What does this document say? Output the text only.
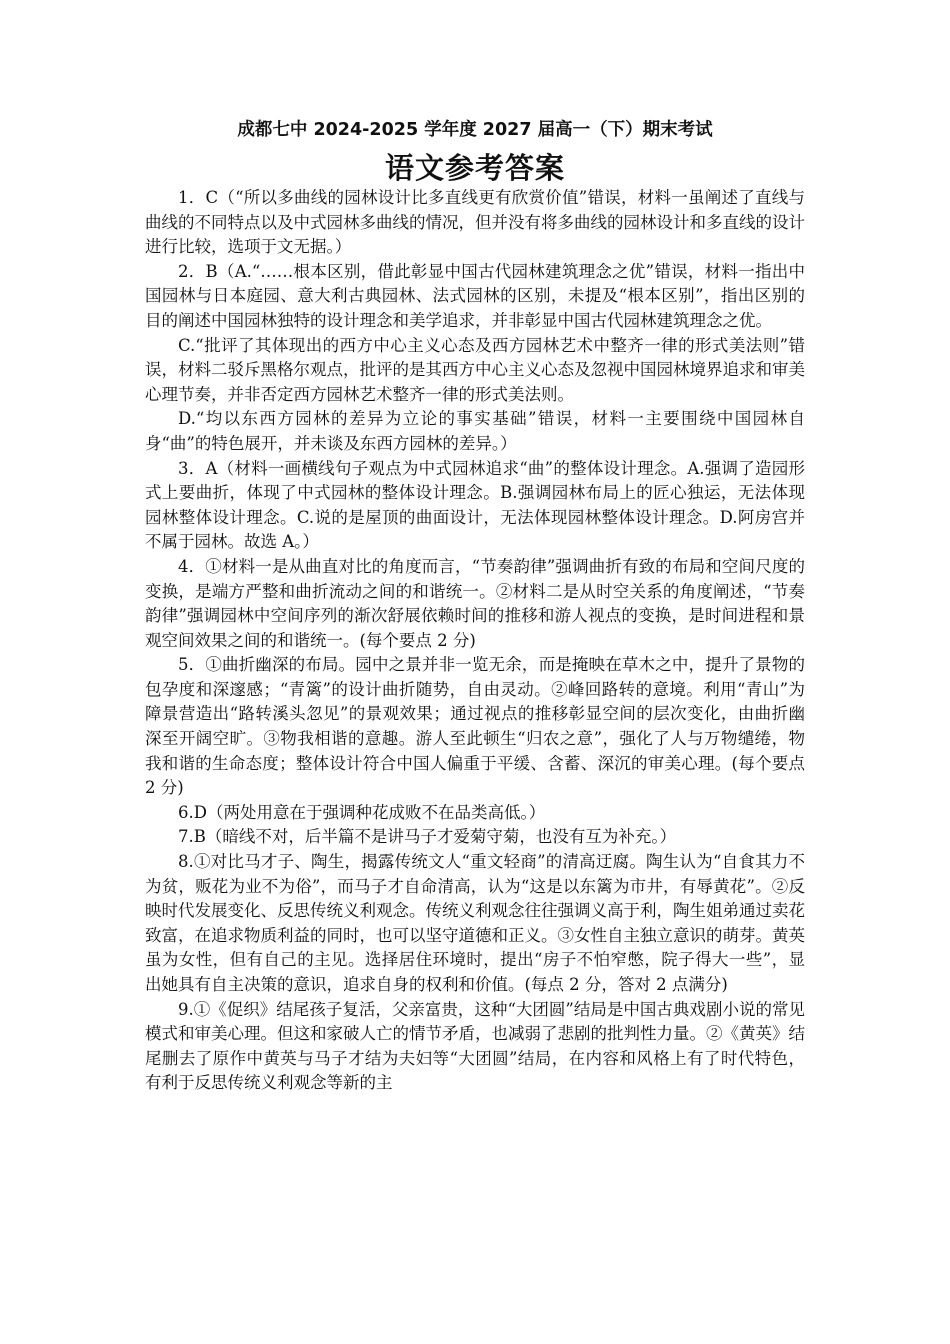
成都七中 2024-2025 学年度 2027 届高一（下）期末考试
语文参考答案

1．C（“所以多曲线的园林设计比多直线更有欣赏价值”错误，材料一虽阐述了直线与曲线的不同特点以及中式园林多曲线的情况，但并没有将多曲线的园林设计和多直线的设计进行比较，选项于文无据。）

2．B（A.“……根本区别，借此彰显中国古代园林建筑理念之优”错误，材料一指出中国园林与日本庭园、意大利古典园林、法式园林的区别，未提及“根本区别”，指出区别的目的阐述中国园林独特的设计理念和美学追求，并非彰显中国古代园林建筑理念之优。

C.“批评了其体现出的西方中心主义心态及西方园林艺术中整齐一律的形式美法则”错误，材料二驳斥黑格尔观点，批评的是其西方中心主义心态及忽视中国园林境界追求和审美心理节奏，并非否定西方园林艺术整齐一律的形式美法则。

D.“均以东西方园林的差异为立论的事实基础”错误，材料一主要围绕中国园林自身“曲”的特色展开，并未谈及东西方园林的差异。）

3．A（材料一画横线句子观点为中式园林追求“曲”的整体设计理念。A.强调了造园形式上要曲折，体现了中式园林的整体设计理念。B.强调园林布局上的匠心独运，无法体现园林整体设计理念。C.说的是屋顶的曲面设计，无法体现园林整体设计理念。D.阿房宫并不属于园林。故选 A。）

4．①材料一是从曲直对比的角度而言，“节奏韵律”强调曲折有致的布局和空间尺度的变换，是端方严整和曲折流动之间的和谐统一。②材料二是从时空关系的角度阐述，“节奏韵律”强调园林中空间序列的渐次舒展依赖时间的推移和游人视点的变换，是时间进程和景观空间效果之间的和谐统一。(每个要点 2 分)

5．①曲折幽深的布局。园中之景并非一览无余，而是掩映在草木之中，提升了景物的包孕度和深邃感；“青篱”的设计曲折随势，自由灵动。②峰回路转的意境。利用“青山”为障景营造出“路转溪头忽见”的景观效果；通过视点的推移彰显空间的层次变化，由曲折幽深至开阔空旷。③物我相谐的意趣。游人至此顿生“归农之意”，强化了人与万物缱绻，物我和谐的生命态度；整体设计符合中国人偏重于平缓、含蓄、深沉的审美心理。(每个要点 2 分)

6.D（两处用意在于强调种花成败不在品类高低。）

7.B（暗线不对，后半篇不是讲马子才爱菊守菊，也没有互为补充。）

8.①对比马才子、陶生，揭露传统文人“重文轻商”的清高迂腐。陶生认为“自食其力不为贫，贩花为业不为俗”，而马子才自命清高，认为“这是以东篱为市井，有辱黄花”。②反映时代发展变化、反思传统义利观念。传统义利观念往往强调义高于利，陶生姐弟通过卖花致富，在追求物质利益的同时，也可以坚守道德和正义。③女性自主独立意识的萌芽。黄英虽为女性，但有自己的主见。选择居住环境时，提出“房子不怕窄憋，院子得大一些”，显出她具有自主决策的意识，追求自身的权利和价值。(每点 2 分，答对 2 点满分)

9.①《促织》结尾孩子复活，父亲富贵，这种“大团圆”结局是中国古典戏剧小说的常见模式和审美心理。但这和家破人亡的情节矛盾，也减弱了悲剧的批判性力量。②《黄英》结尾删去了原作中黄英与马子才结为夫妇等“大团圆”结局，在内容和风格上有了时代特色，有利于反思传统义利观念等新的主
